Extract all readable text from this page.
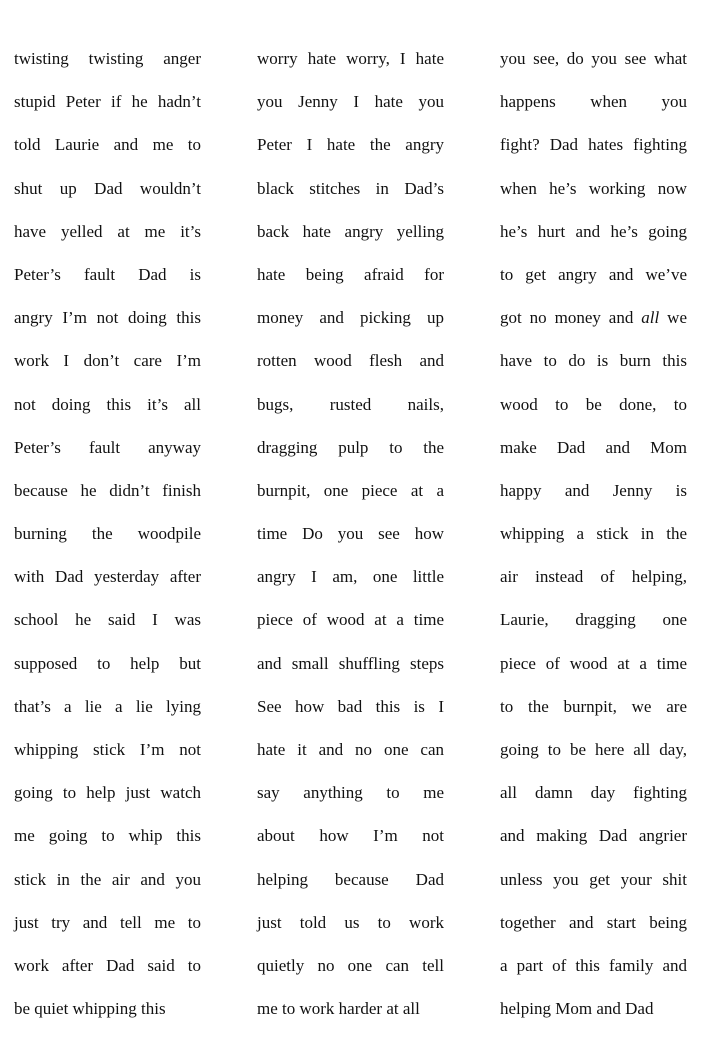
twisting twisting anger
stupid Peter if he hadn’t
told Laurie and me to
shut up Dad wouldn’t
have yelled at me it’s
Peter’s fault Dad is
angry I’m not doing this
work I don’t care I’m
not doing this it’s all
Peter’s fault anyway
because he didn’t finish
burning the woodpile
with Dad yesterday after
school he said I was
supposed to help but
that’s a lie a lie lying
whipping stick I’m not
going to help just watch
me going to whip this
stick in the air and you
just try and tell me to
work after Dad said to
be quiet whipping this
worry hate worry, I hate
you Jenny I hate you
Peter I hate the angry
black stitches in Dad’s
back hate angry yelling
hate being afraid for
money and picking up
rotten wood flesh and
bugs, rusted nails,
dragging pulp to the
burnpit, one piece at a
time Do you see how
angry I am, one little
piece of wood at a time
and small shuffling steps
See how bad this is I
hate it and no one can
say anything to me
about how I’m not
helping because Dad
just told us to work
quietly no one can tell
me to work harder at all
you see, do you see what
happens when you
fight? Dad hates fighting
when he’s working now
he’s hurt and he’s going
to get angry and we’ve
got no money and all we
have to do is burn this
wood to be done, to
make Dad and Mom
happy and Jenny is
whipping a stick in the
air instead of helping,
Laurie, dragging one
piece of wood at a time
to the burnpit, we are
going to be here all day,
all damn day fighting
and making Dad angrier
unless you get your shit
together and start being
a part of this family and
helping Mom and Dad
